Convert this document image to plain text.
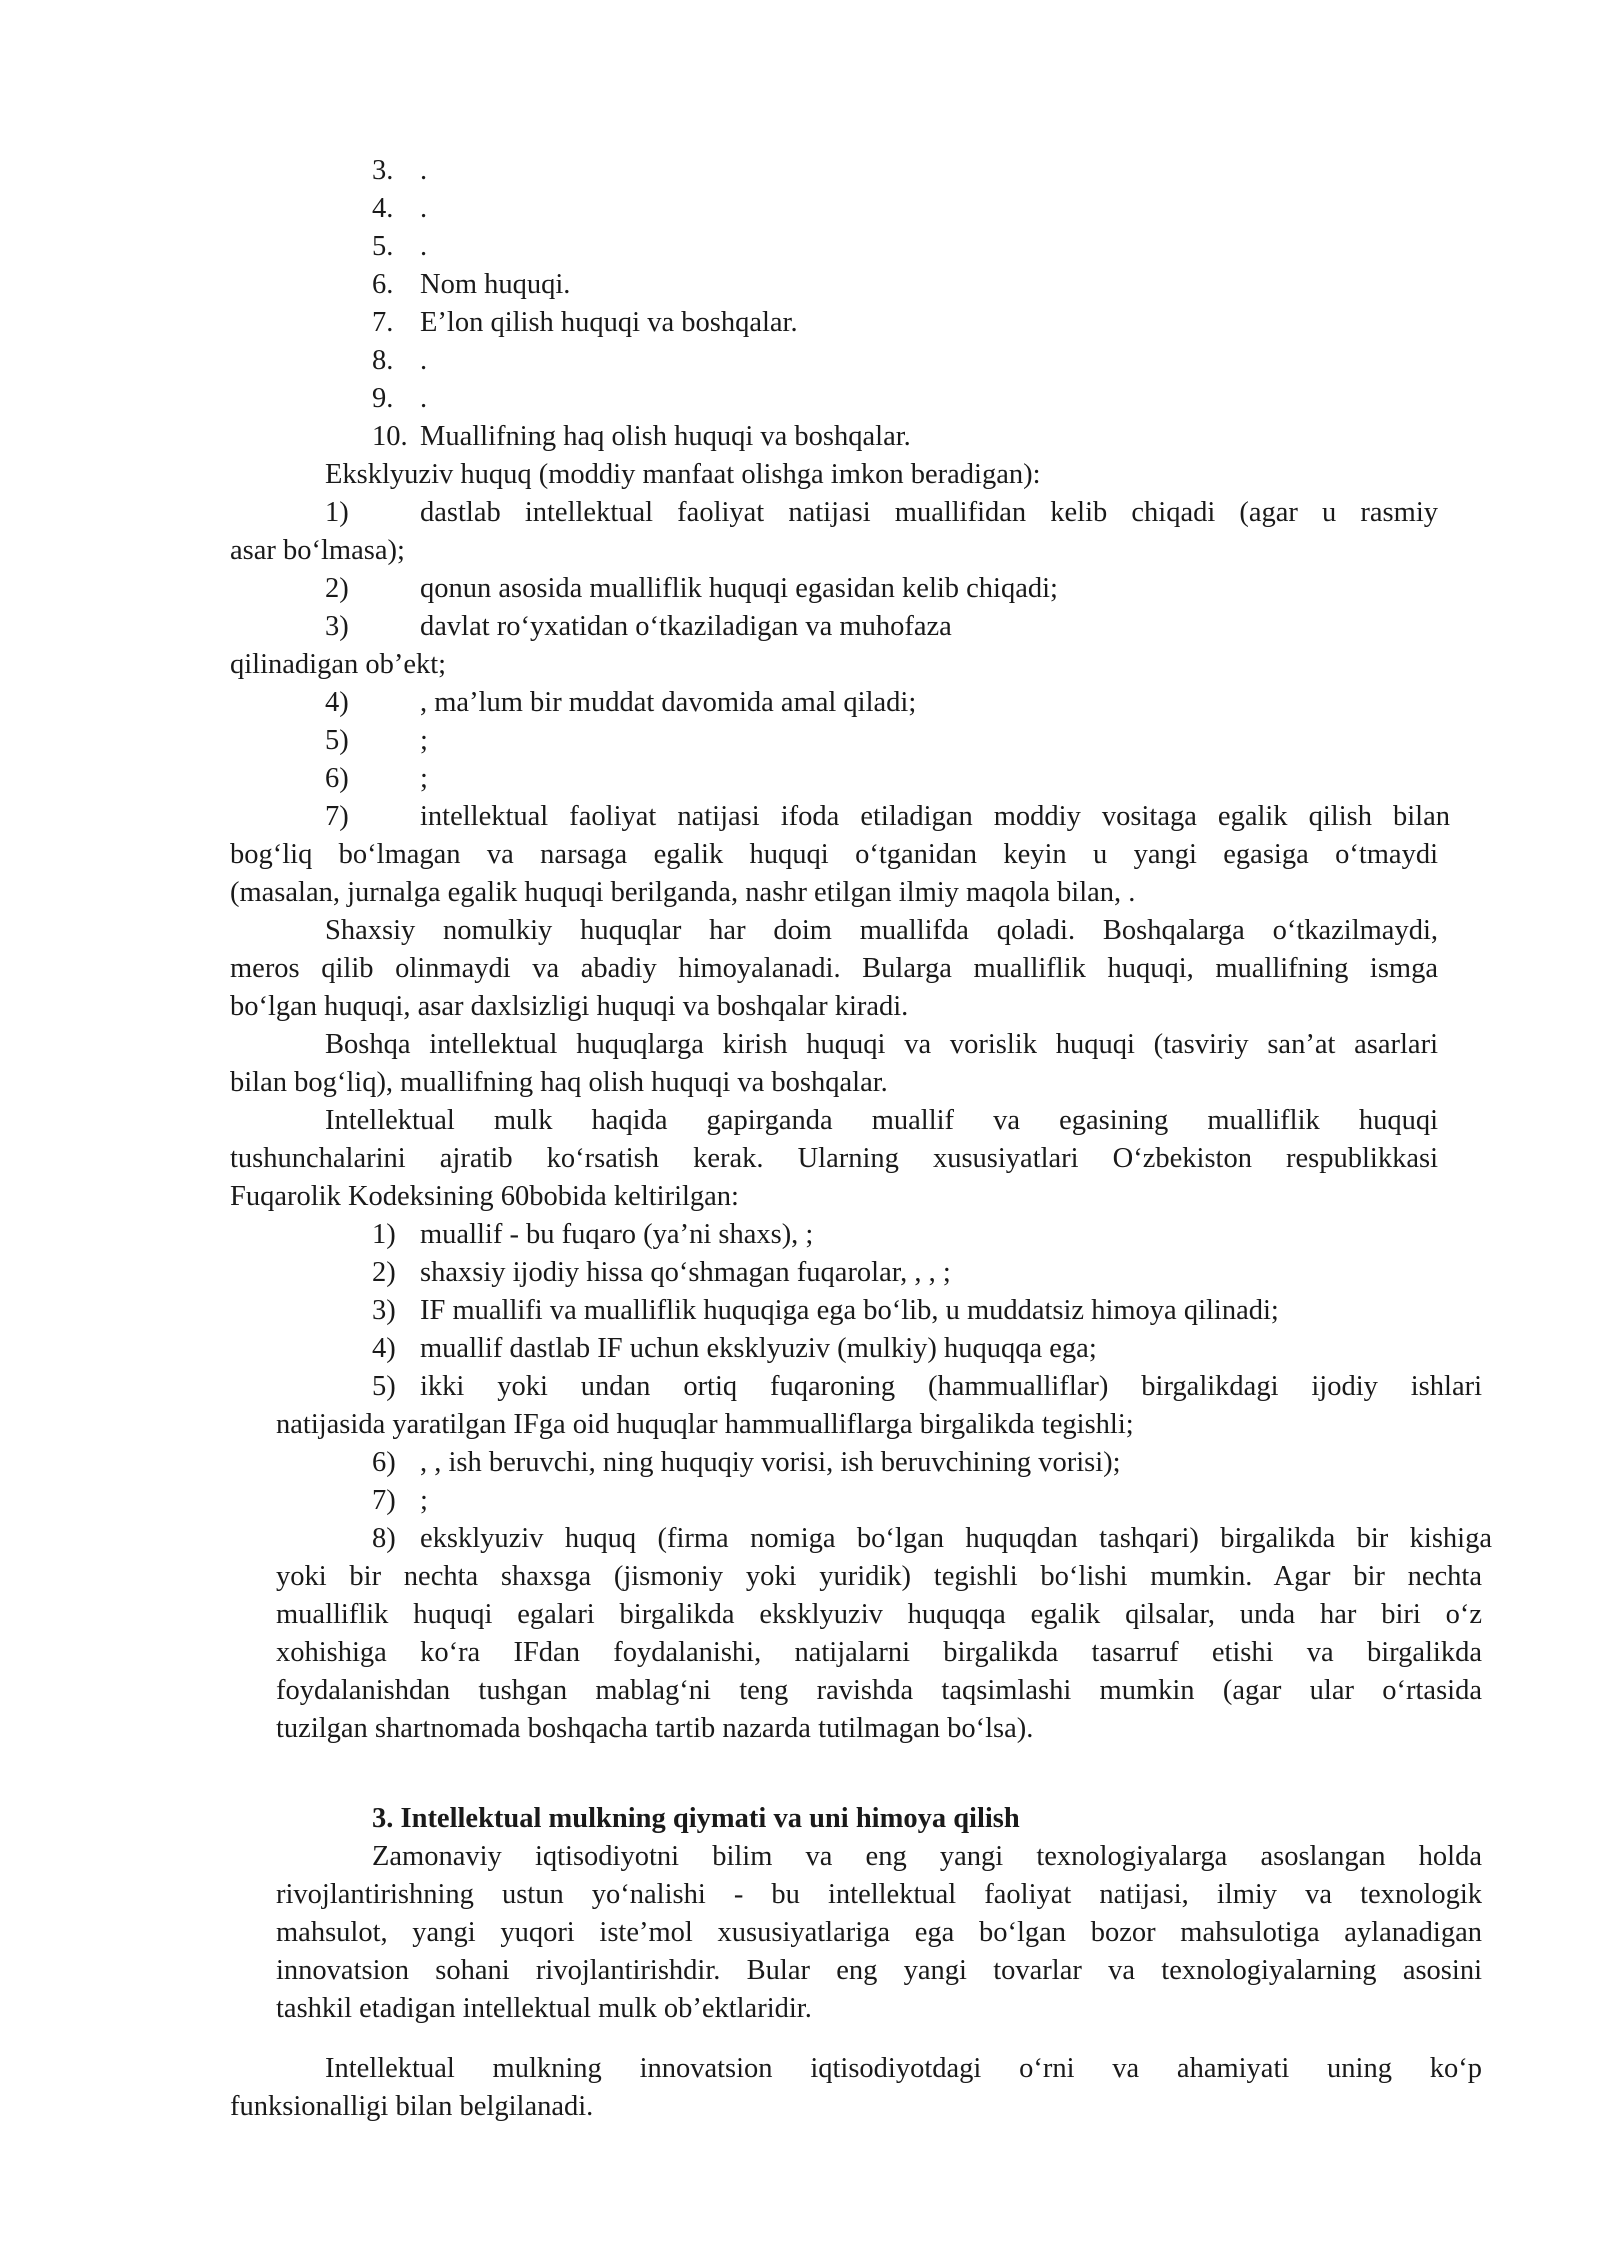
3. .
4. .
5. .
6. Nom huquqi.
7. E’lon qilish huquqi va boshqalar.
8. .
9. .
10. Muallifning haq olish huquqi va boshqalar.
Eksklyuziv huquq (moddiy manfaat olishga imkon beradigan):
1)	dastlab intellektual faoliyat natijasi muallifidan kelib chiqadi (agar u rasmiy
asar bo‘lmasa);
2)	qonun asosida mualliflik huquqi egasidan kelib chiqadi;
3)	davlat ro‘yxatidan o‘tkaziladigan va muhofaza
qilinadigan ob’ekt;
4)	, ma’lum bir muddat davomida amal qiladi;
5)	;
6)	;
7)	intellektual faoliyat natijasi ifoda etiladigan moddiy vositaga egalik qilish bilan
bog‘liq bo‘lmagan va narsaga egalik huquqi o‘tganidan keyin u yangi egasiga o‘tmaydi
(masalan, jurnalga egalik huquqi berilganda, nashr etilgan ilmiy maqola bilan, .
Shaxsiy nomulkiy huquqlar har doim muallifda qoladi. Boshqalarga o‘tkazilmaydi,
meros qilib olinmaydi va abadiy himoyalanadi. Bularga mualliflik huquqi, muallifning ismga
bo‘lgan huquqi, asar daxlsizligi huquqi va boshqalar kiradi.
Boshqa intellektual huquqlarga kirish huquqi va vorislik huquqi (tasviriy san’at asarlari
bilan bog‘liq), muallifning haq olish huquqi va boshqalar.
Intellektual mulk haqida gapirganda muallif va egasining mualliflik huquqi
tushunchalarini ajratib ko‘rsatish kerak. Ularning xususiyatlari O‘zbekiston respublikkasi
Fuqarolik Kodeksining 60bobida keltirilgan:
1) muallif - bu fuqaro (ya’ni shaxs), ;
2) shaxsiy ijodiy hissa qo‘shmagan fuqarolar, , , ;
3) IF muallifi va mualliflik huquqiga ega bo‘lib, u muddatsiz himoya qilinadi;
4) muallif dastlab IF uchun eksklyuziv (mulkiy) huquqqa ega;
5) ikki yoki undan ortiq fuqaroning (hammualliflar) birgalikdagi ijodiy ishlari
natijasida yaratilgan IFga oid huquqlar hammualliflarga birgalikda tegishli;
6) , , ish beruvchi, ning huquqiy vorisi, ish beruvchining vorisi);
7) ;
8) eksklyuziv huquq (firma nomiga bo‘lgan huquqdan tashqari) birgalikda bir kishiga
yoki bir nechta shaxsga (jismoniy yoki yuridik) tegishli bo‘lishi mumkin. Agar bir nechta
mualliflik huquqi egalari birgalikda eksklyuziv huquqqa egalik qilsalar, unda har biri o‘z
xohishiga ko‘ra IFdan foydalanishi, natijalarni birgalikda tasarruf etishi va birgalikda
foydalanishdan tushgan mablag‘ni teng ravishda taqsimlashi mumkin (agar ular o‘rtasida
tuzilgan shartnomada boshqacha tartib nazarda tutilmagan bo‘lsa).
3. Intellektual mulkning qiymati va uni himoya qilish
Zamonaviy iqtisodiyotni bilim va eng yangi texnologiyalarga asoslangan holda
rivojlantirishning ustun yo‘nalishi - bu intellektual faoliyat natijasi, ilmiy va texnologik
mahsulot, yangi yuqori iste’mol xususiyatlariga ega bo‘lgan bozor mahsulotiga aylanadigan
innovatsion sohani rivojlantirishdir. Bular eng yangi tovarlar va texnologiyalarning asosini
tashkil etadigan intellektual mulk ob’ektlaridir.
Intellektual mulkning innovatsion iqtisodiyotdagi o‘rni va ahamiyati uning ko‘p
funksionalligi bilan belgilanadi.
